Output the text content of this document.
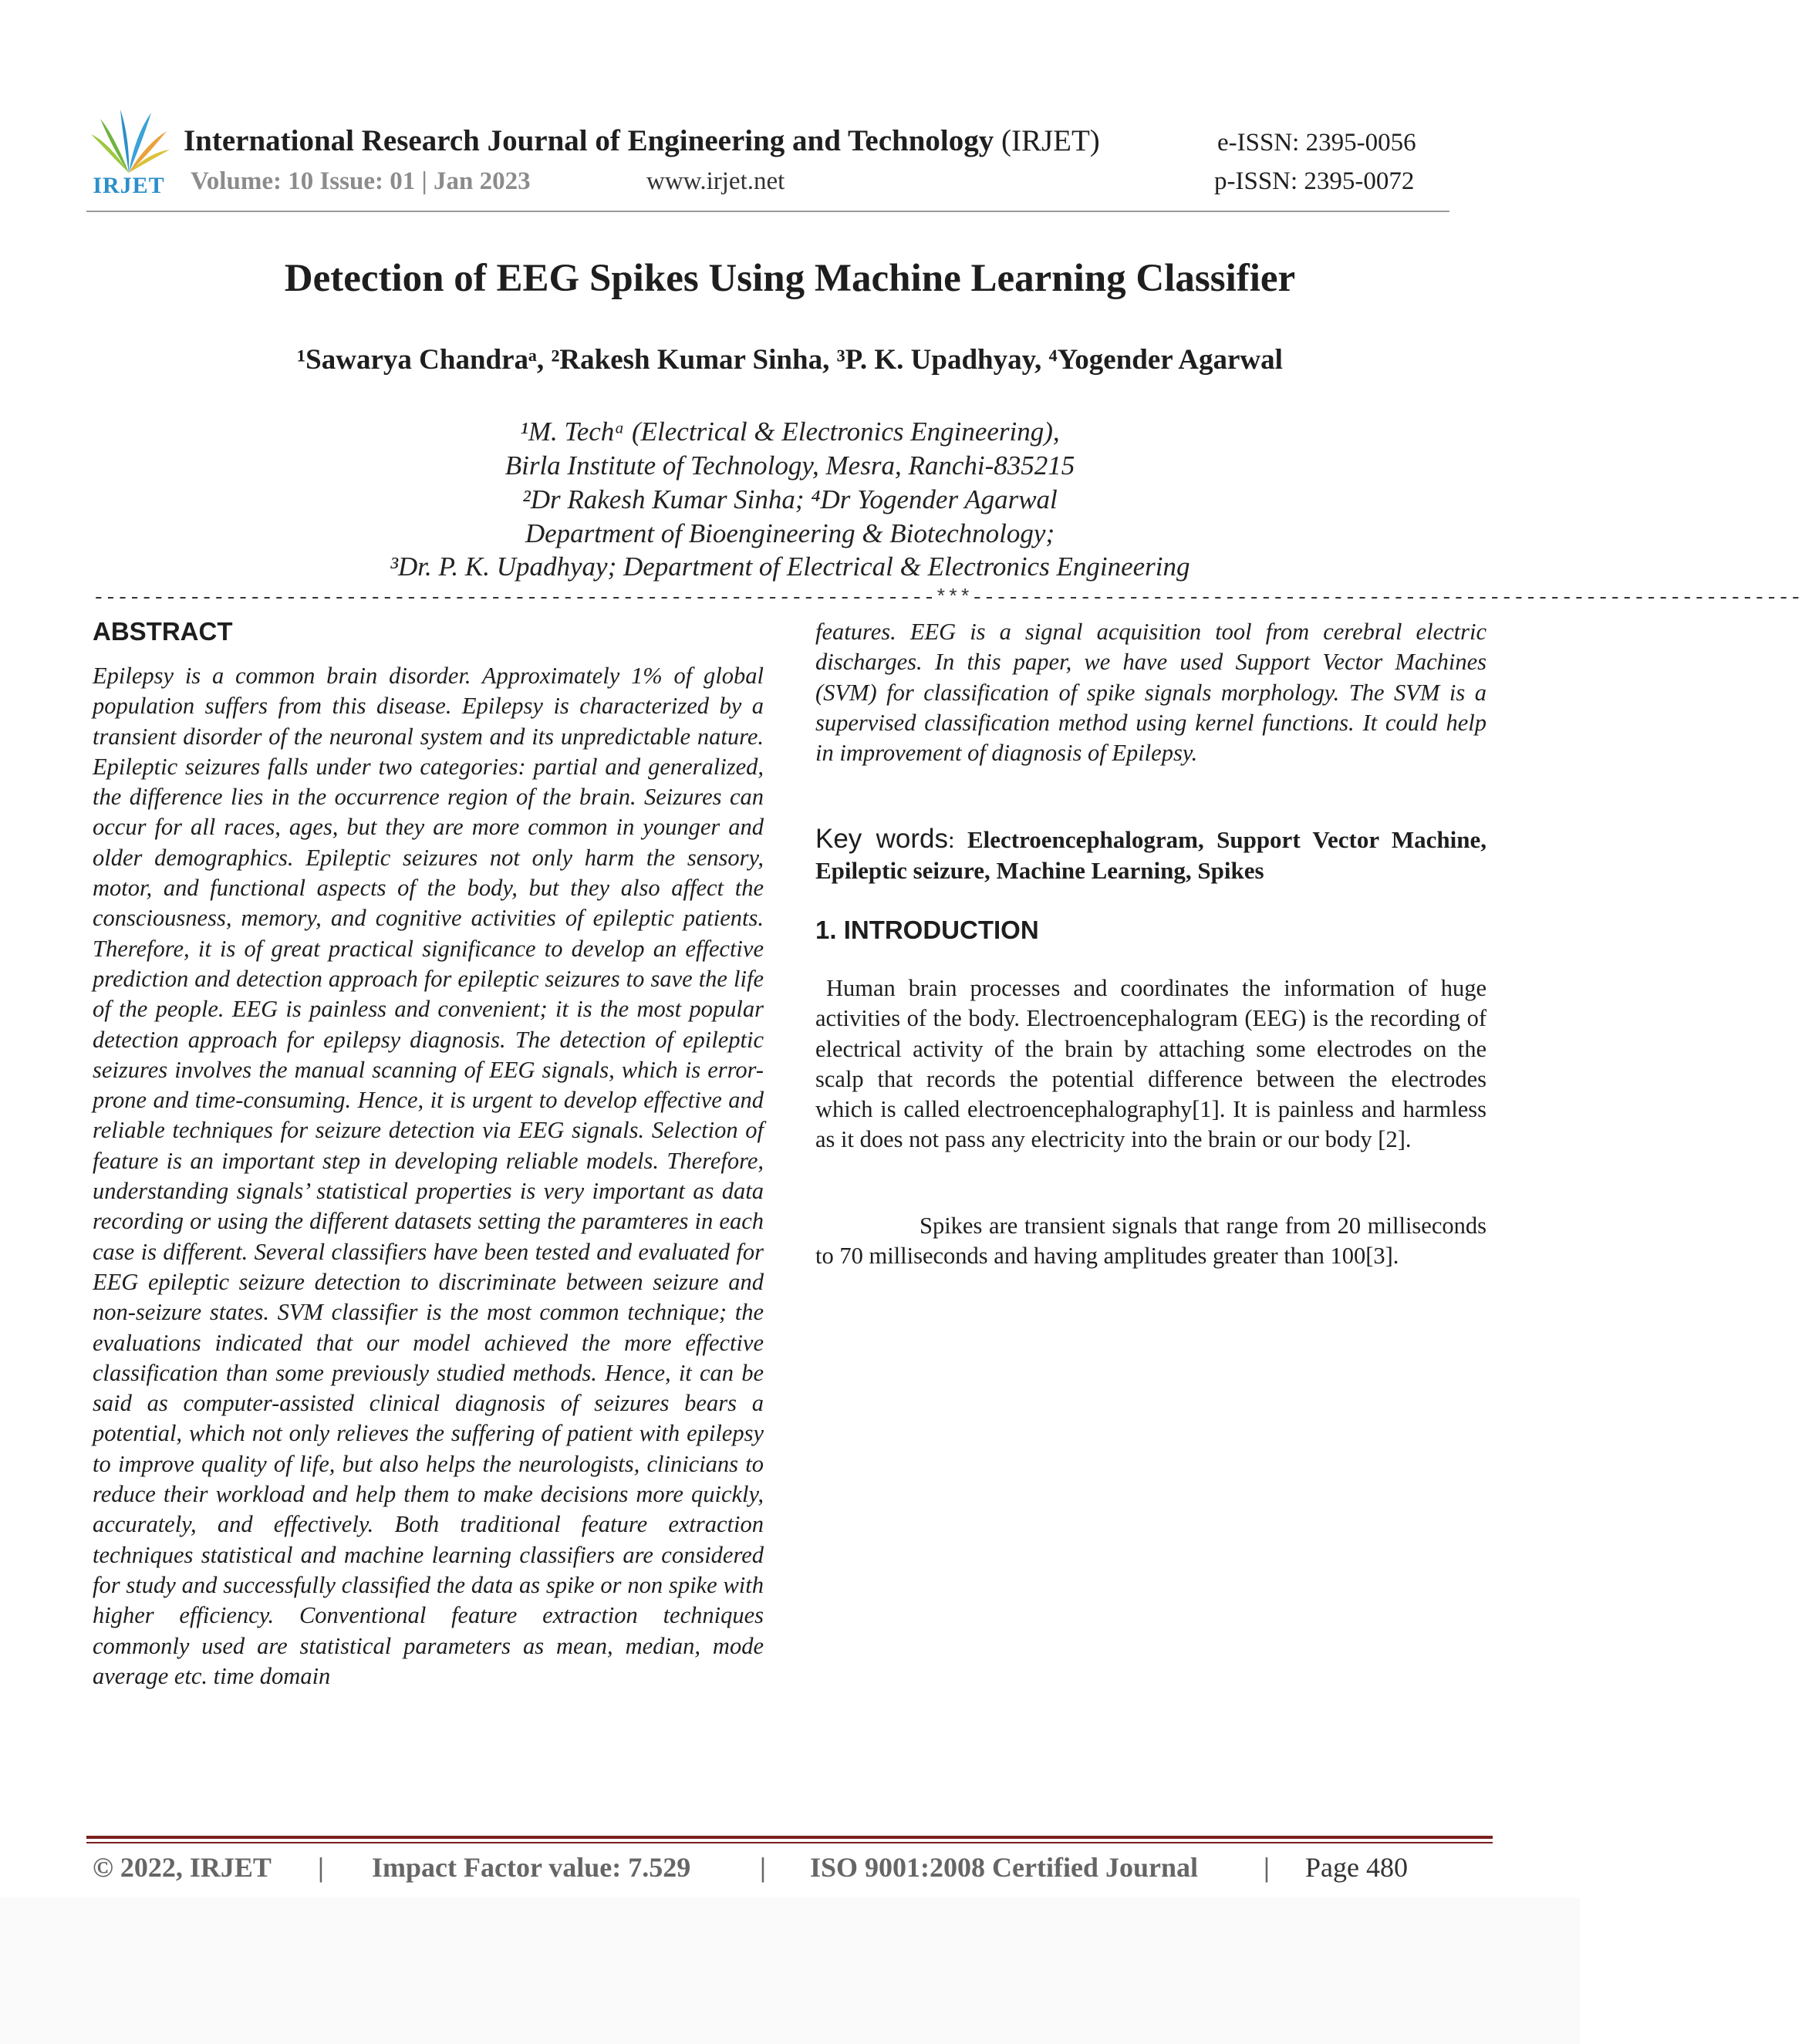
IRJET
International Research Journal of Engineering and Technology (IRJET)
Volume: 10 Issue: 01 | Jan 2023	www.irjet.net
e-ISSN: 2395-0056
p-ISSN: 2395-0072
Detection of EEG Spikes Using Machine Learning Classifier
¹Sawarya Chandraᵃ, ²Rakesh Kumar Sinha, ³P. K. Upadhyay, ⁴Yogender Agarwal
¹M. Techᵃ (Electrical & Electronics Engineering),
Birla Institute of Technology, Mesra, Ranchi-835215
²Dr Rakesh Kumar Sinha; ⁴Dr Yogender Agarwal
Department of Bioengineering & Biotechnology;
³Dr. P. K. Upadhyay; Department of Electrical & Electronics Engineering
----------------------------------------------------------------------***---------------------------------------------------------------------
ABSTRACT
Epilepsy is a common brain disorder. Approximately 1% of global population suffers from this disease. Epilepsy is characterized by a transient disorder of the neuronal system and its unpredictable nature. Epileptic seizures falls under two categories: partial and generalized, the difference lies in the occurrence region of the brain. Seizures can occur for all races, ages, but they are more common in younger and older demographics. Epileptic seizures not only harm the sensory, motor, and functional aspects of the body, but they also affect the consciousness, memory, and cognitive activities of epileptic patients. Therefore, it is of great practical significance to develop an effective prediction and detection approach for epileptic seizures to save the life of the people. EEG is painless and convenient; it is the most popular detection approach for epilepsy diagnosis. The detection of epileptic seizures involves the manual scanning of EEG signals, which is error-prone and time-consuming. Hence, it is urgent to develop effective and reliable techniques for seizure detection via EEG signals. Selection of feature is an important step in developing reliable models. Therefore, understanding signals’ statistical properties is very important as data recording or using the different datasets setting the paramteres in each case is different. Several classifiers have been tested and evaluated for EEG epileptic seizure detection to discriminate between seizure and non-seizure states. SVM classifier is the most common technique; the evaluations indicated that our model achieved the more effective classification than some previously studied methods. Hence, it can be said as computer-assisted clinical diagnosis of seizures bears a potential, which not only relieves the suffering of patient with epilepsy to improve quality of life, but also helps the neurologists, clinicians to reduce their workload and help them to make decisions more quickly, accurately, and effectively. Both traditional feature extraction techniques statistical and machine learning classifiers are considered for study and successfully classified the data as spike or non spike with higher efficiency. Conventional feature extraction techniques commonly used are statistical parameters as mean, median, mode average etc. time domain
features. EEG is a signal acquisition tool from cerebral electric discharges. In this paper, we have used Support Vector Machines (SVM) for classification of spike signals morphology. The SVM is a supervised classification method using kernel functions. It could help in improvement of diagnosis of Epilepsy.
Key words: Electroencephalogram, Support Vector Machine, Epileptic seizure, Machine Learning, Spikes
1. INTRODUCTION
Human brain processes and coordinates the information of huge activities of the body. Electroencephalogram (EEG) is the recording of electrical activity of the brain by attaching some electrodes on the scalp that records the potential difference between the electrodes which is called electroencephalography[1]. It is painless and harmless as it does not pass any electricity into the brain or our body [2].
Spikes are transient signals that range from 20 milliseconds to 70 milliseconds and having amplitudes greater than 100[3].
© 2022, IRJET | Impact Factor value: 7.529 | ISO 9001:2008 Certified Journal | Page 480
